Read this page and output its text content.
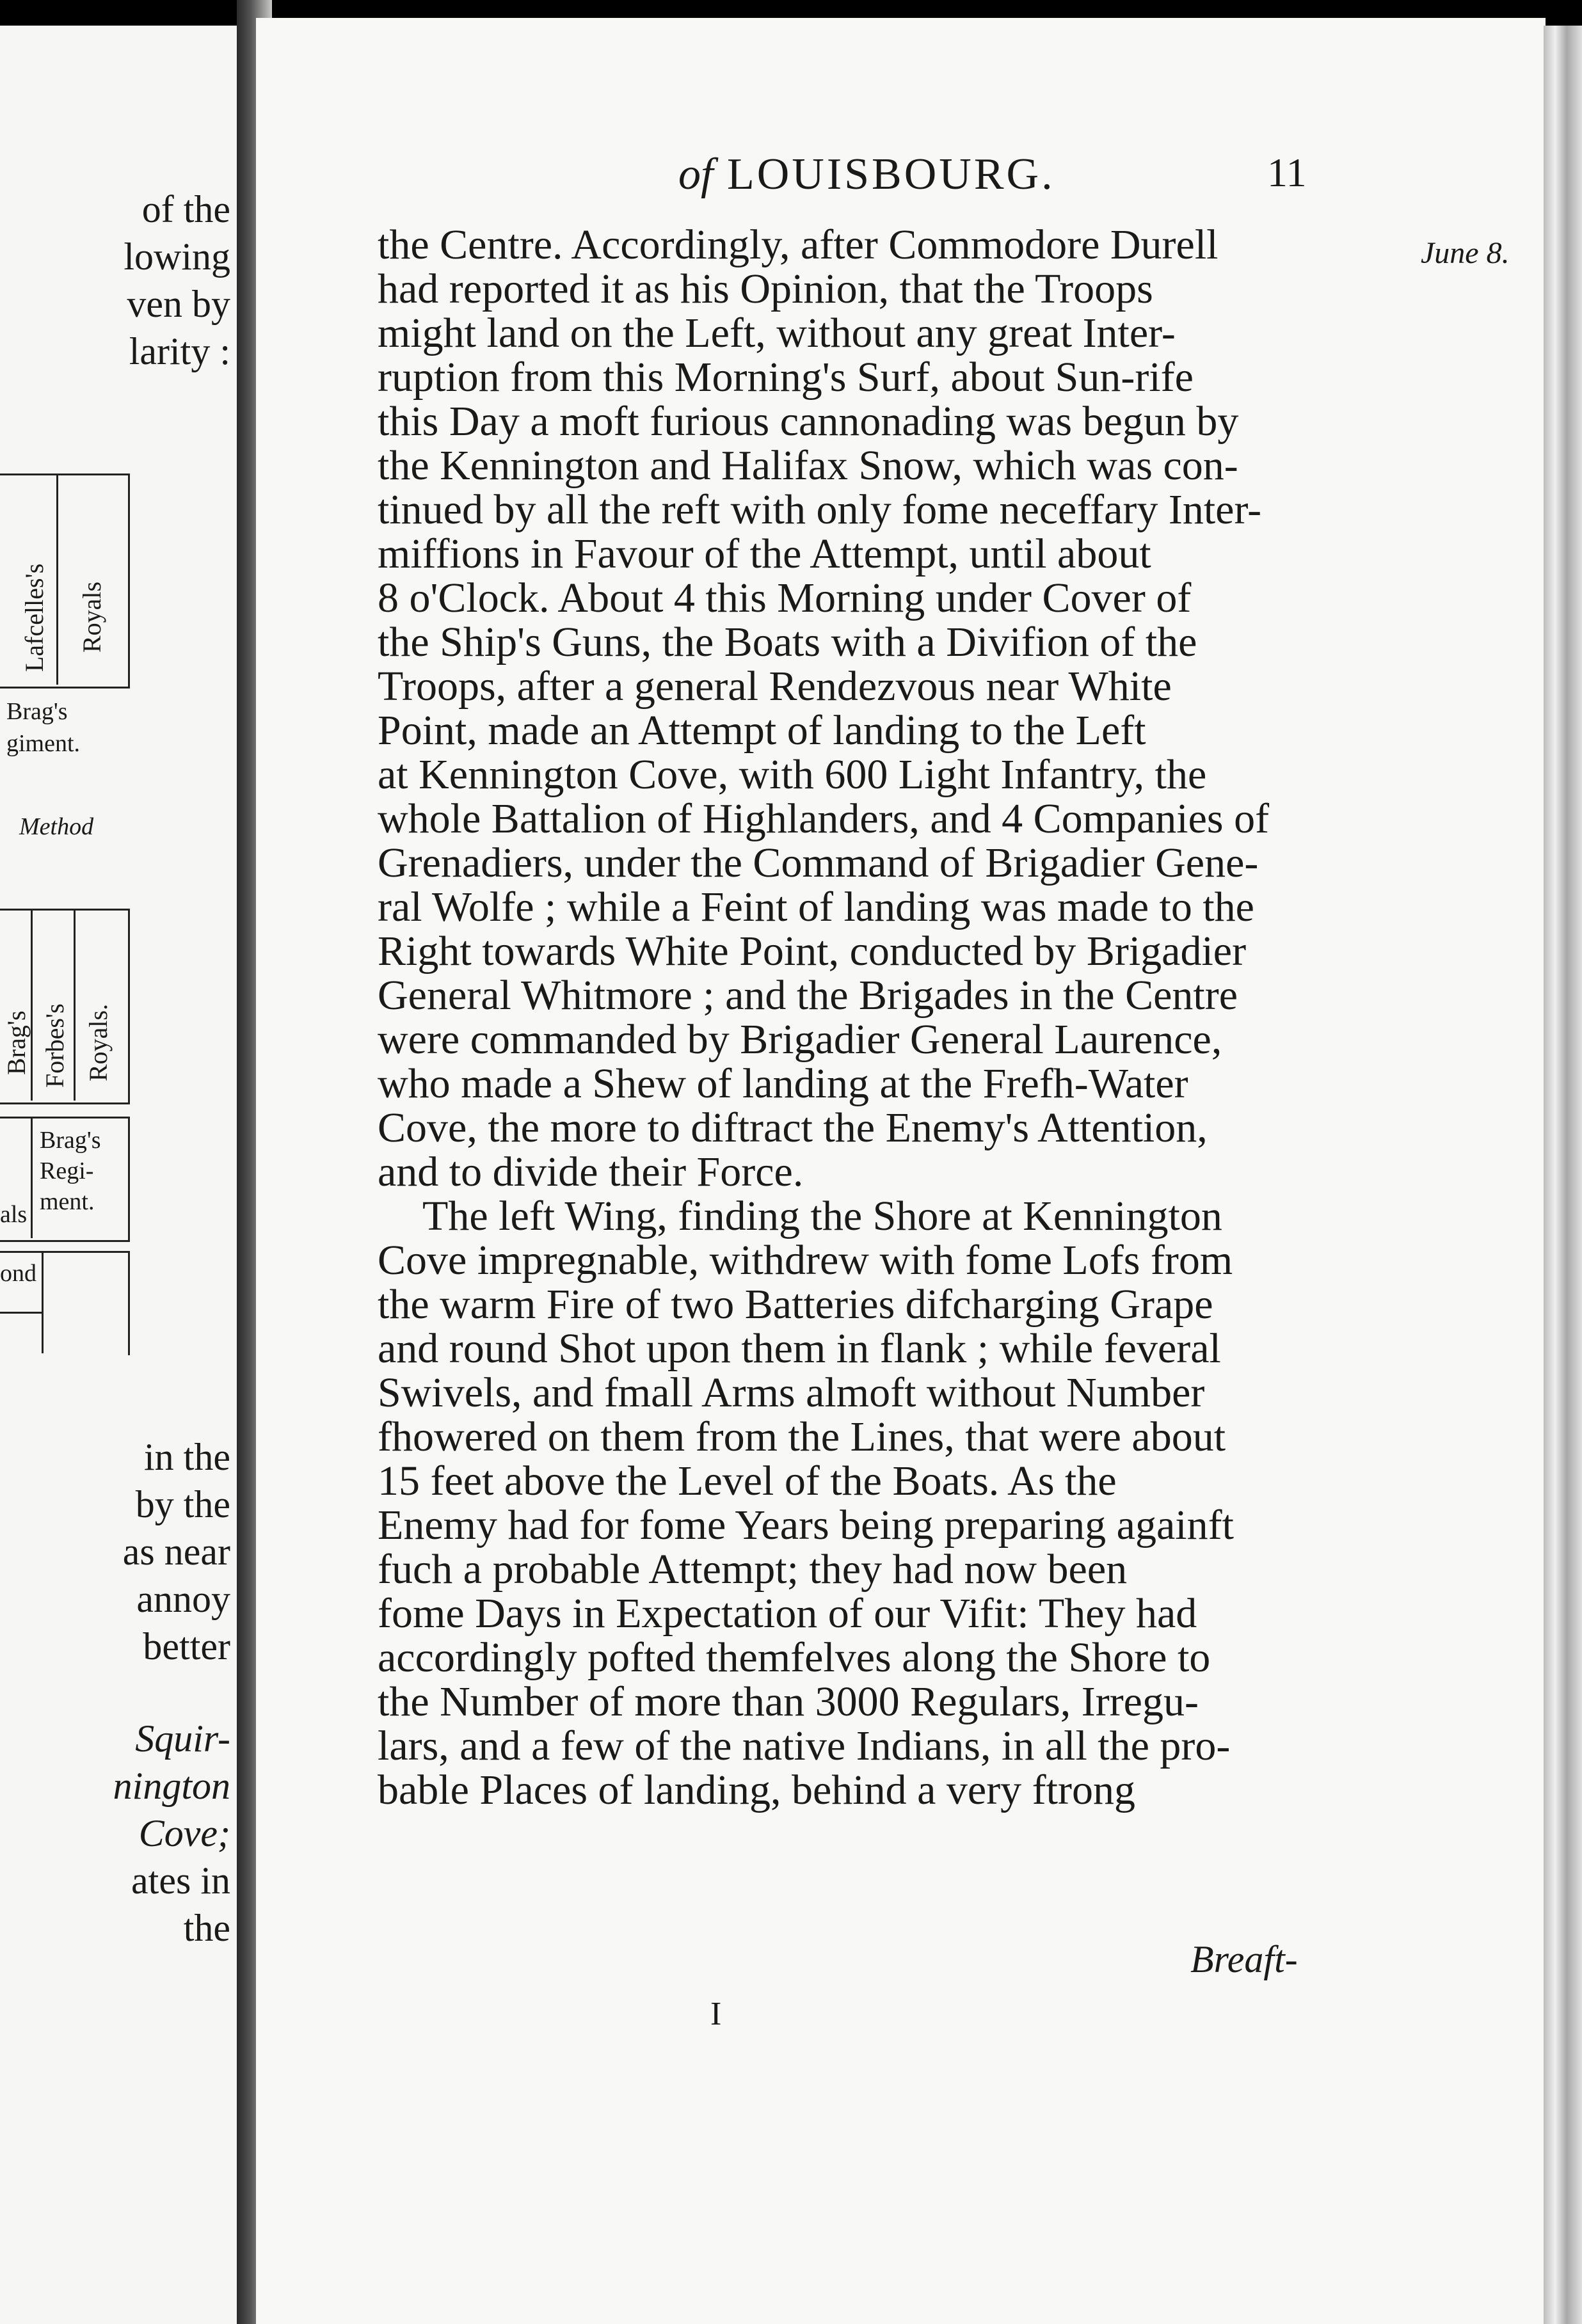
of the
lowing
ven by
larity :
Lafcelles's Royals
Brag's
giment.
Method
Brag's Forbes's Royals.
Brag's
Regi-
ment.
als
ond
in the
by the
as near
annoy
better
Squir-
nington
Cove;
ates in
the
of LOUISBOURG.	11
June 8.
the Centre. Accordingly, after Commodore Durell
had reported it as his Opinion, that the Troops
might land on the Left, without any great Inter-
ruption from this Morning's Surf, about Sun-rife
this Day a moft furious cannonading was begun by
the Kennington and Halifax Snow, which was con-
tinued by all the reft with only fome neceffary Inter-
miffions in Favour of the Attempt, until about
8 o'Clock. About 4 this Morning under Cover of
the Ship's Guns, the Boats with a Divifion of the
Troops, after a general Rendezvous near White
Point, made an Attempt of landing to the Left
at Kennington Cove, with 600 Light Infantry, the
whole Battalion of Highlanders, and 4 Companies of
Grenadiers, under the Command of Brigadier Gene-
ral Wolfe ; while a Feint of landing was made to the
Right towards White Point, conducted by Brigadier
General Whitmore ; and the Brigades in the Centre
were commanded by Brigadier General Laurence,
who made a Shew of landing at the Frefh-Water
Cove, the more to diftract the Enemy's Attention,
and to divide their Force.
The left Wing, finding the Shore at Kennington
Cove impregnable, withdrew with fome Lofs from
the warm Fire of two Batteries difcharging Grape
and round Shot upon them in flank ; while feveral
Swivels, and fmall Arms almoft without Number
fhowered on them from the Lines, that were about
15 feet above the Level of the Boats. As the
Enemy had for fome Years being preparing againft
fuch a probable Attempt; they had now been
fome Days in Expectation of our Vifit: They had
accordingly pofted themfelves along the Shore to
the Number of more than 3000 Regulars, Irregu-
lars, and a few of the native Indians, in all the pro-
bable Places of landing, behind a very ftrong
Breaft-
I
